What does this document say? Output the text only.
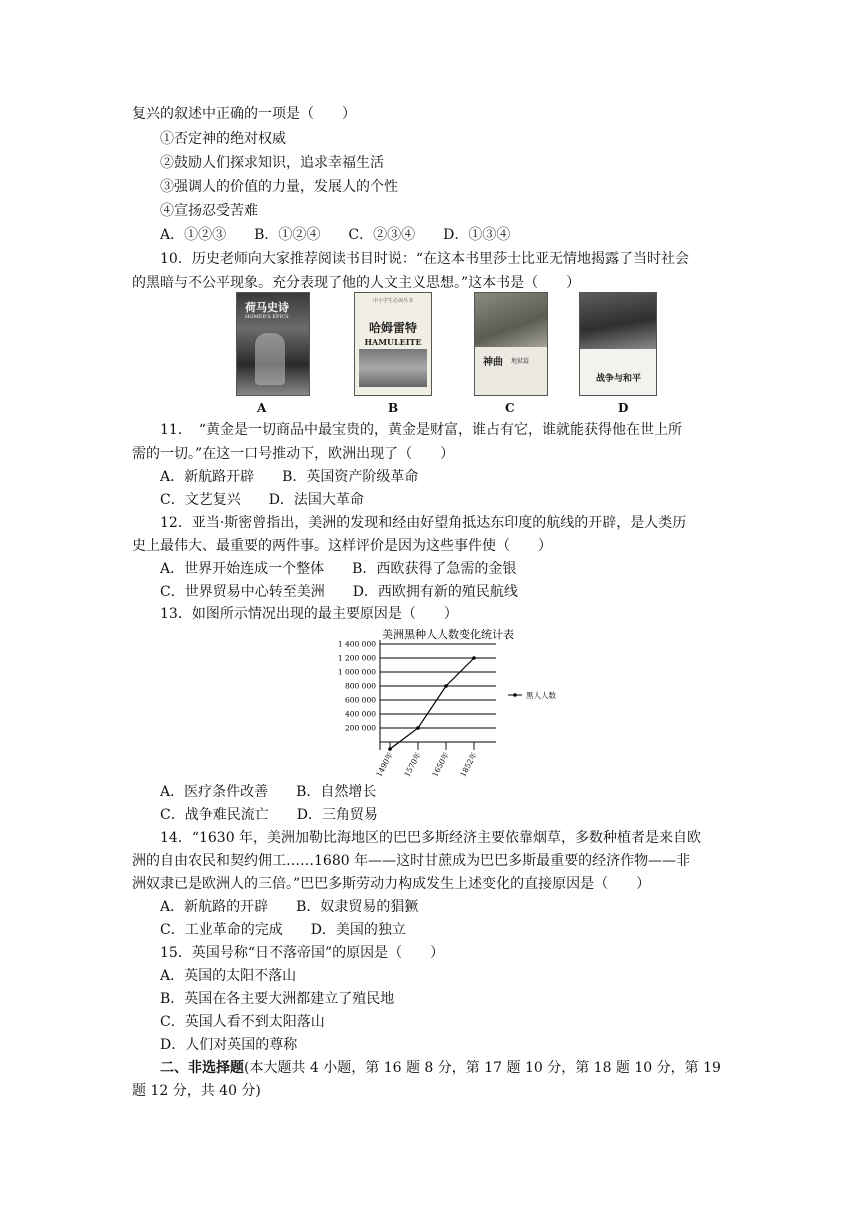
复兴的叙述中正确的一项是（　　）
①否定神的绝对权威
②鼓励人们探求知识，追求幸福生活
③强调人的价值的力量，发展人的个性
④宣扬忍受苦难
A．①②③　　B．①②④　　C．②③④　　D．①③④
10．历史老师向大家推荐阅读书目时说：“在这本书里莎士比亚无情地揭露了当时社会
的黑暗与不公平现象。充分表现了他的人文主义思想。”这本书是（　　）
荷马史诗
HOMER'S EPICS
A
中小学生必读丛书
哈姆雷特
HAMULEITE
B
神曲 地狱篇
C
战争与和平
D
11．　“黄金是一切商品中最宝贵的，黄金是财富，谁占有它，谁就能获得他在世上所
需的一切。”在这一口号推动下，欧洲出现了（　　）
A．新航路开辟　　B．英国资产阶级革命
C．文艺复兴　　D．法国大革命
12．亚当·斯密曾指出，美洲的发现和经由好望角抵达东印度的航线的开辟，是人类历
史上最伟大、最重要的两件事。这样评价是因为这些事件使（　　）
A．世界开始连成一个整体　　B．西欧获得了急需的金银
C．世界贸易中心转至美洲　　D．西欧拥有新的殖民航线
13．如图所示情况出现的最主要原因是（　　）
美洲黑种人人数变化统计表
200 000
400 000
600 000
800 000
1 000 000
1 200 000
1 400 000
1490年 1570年 1650年 1852年
黑人人数
A．医疗条件改善　　B．自然增长
C．战争难民流亡　　D．三角贸易
14．“1630 年，美洲加勒比海地区的巴巴多斯经济主要依靠烟草，多数种植者是来自欧
洲的自由农民和契约佣工……1680 年——这时甘蔗成为巴巴多斯最重要的经济作物——非
洲奴隶已是欧洲人的三倍。”巴巴多斯劳动力构成发生上述变化的直接原因是（　　）
A．新航路的开辟　　B．奴隶贸易的猖獗
C．工业革命的完成　　D．美国的独立
15．英国号称“日不落帝国”的原因是（　　）
A．英国的太阳不落山
B．英国在各主要大洲都建立了殖民地
C．英国人看不到太阳落山
D．人们对英国的尊称
二、非选择题(本大题共 4 小题，第 16 题 8 分，第 17 题 10 分，第 18 题 10 分，第 19
题 12 分，共 40 分)
